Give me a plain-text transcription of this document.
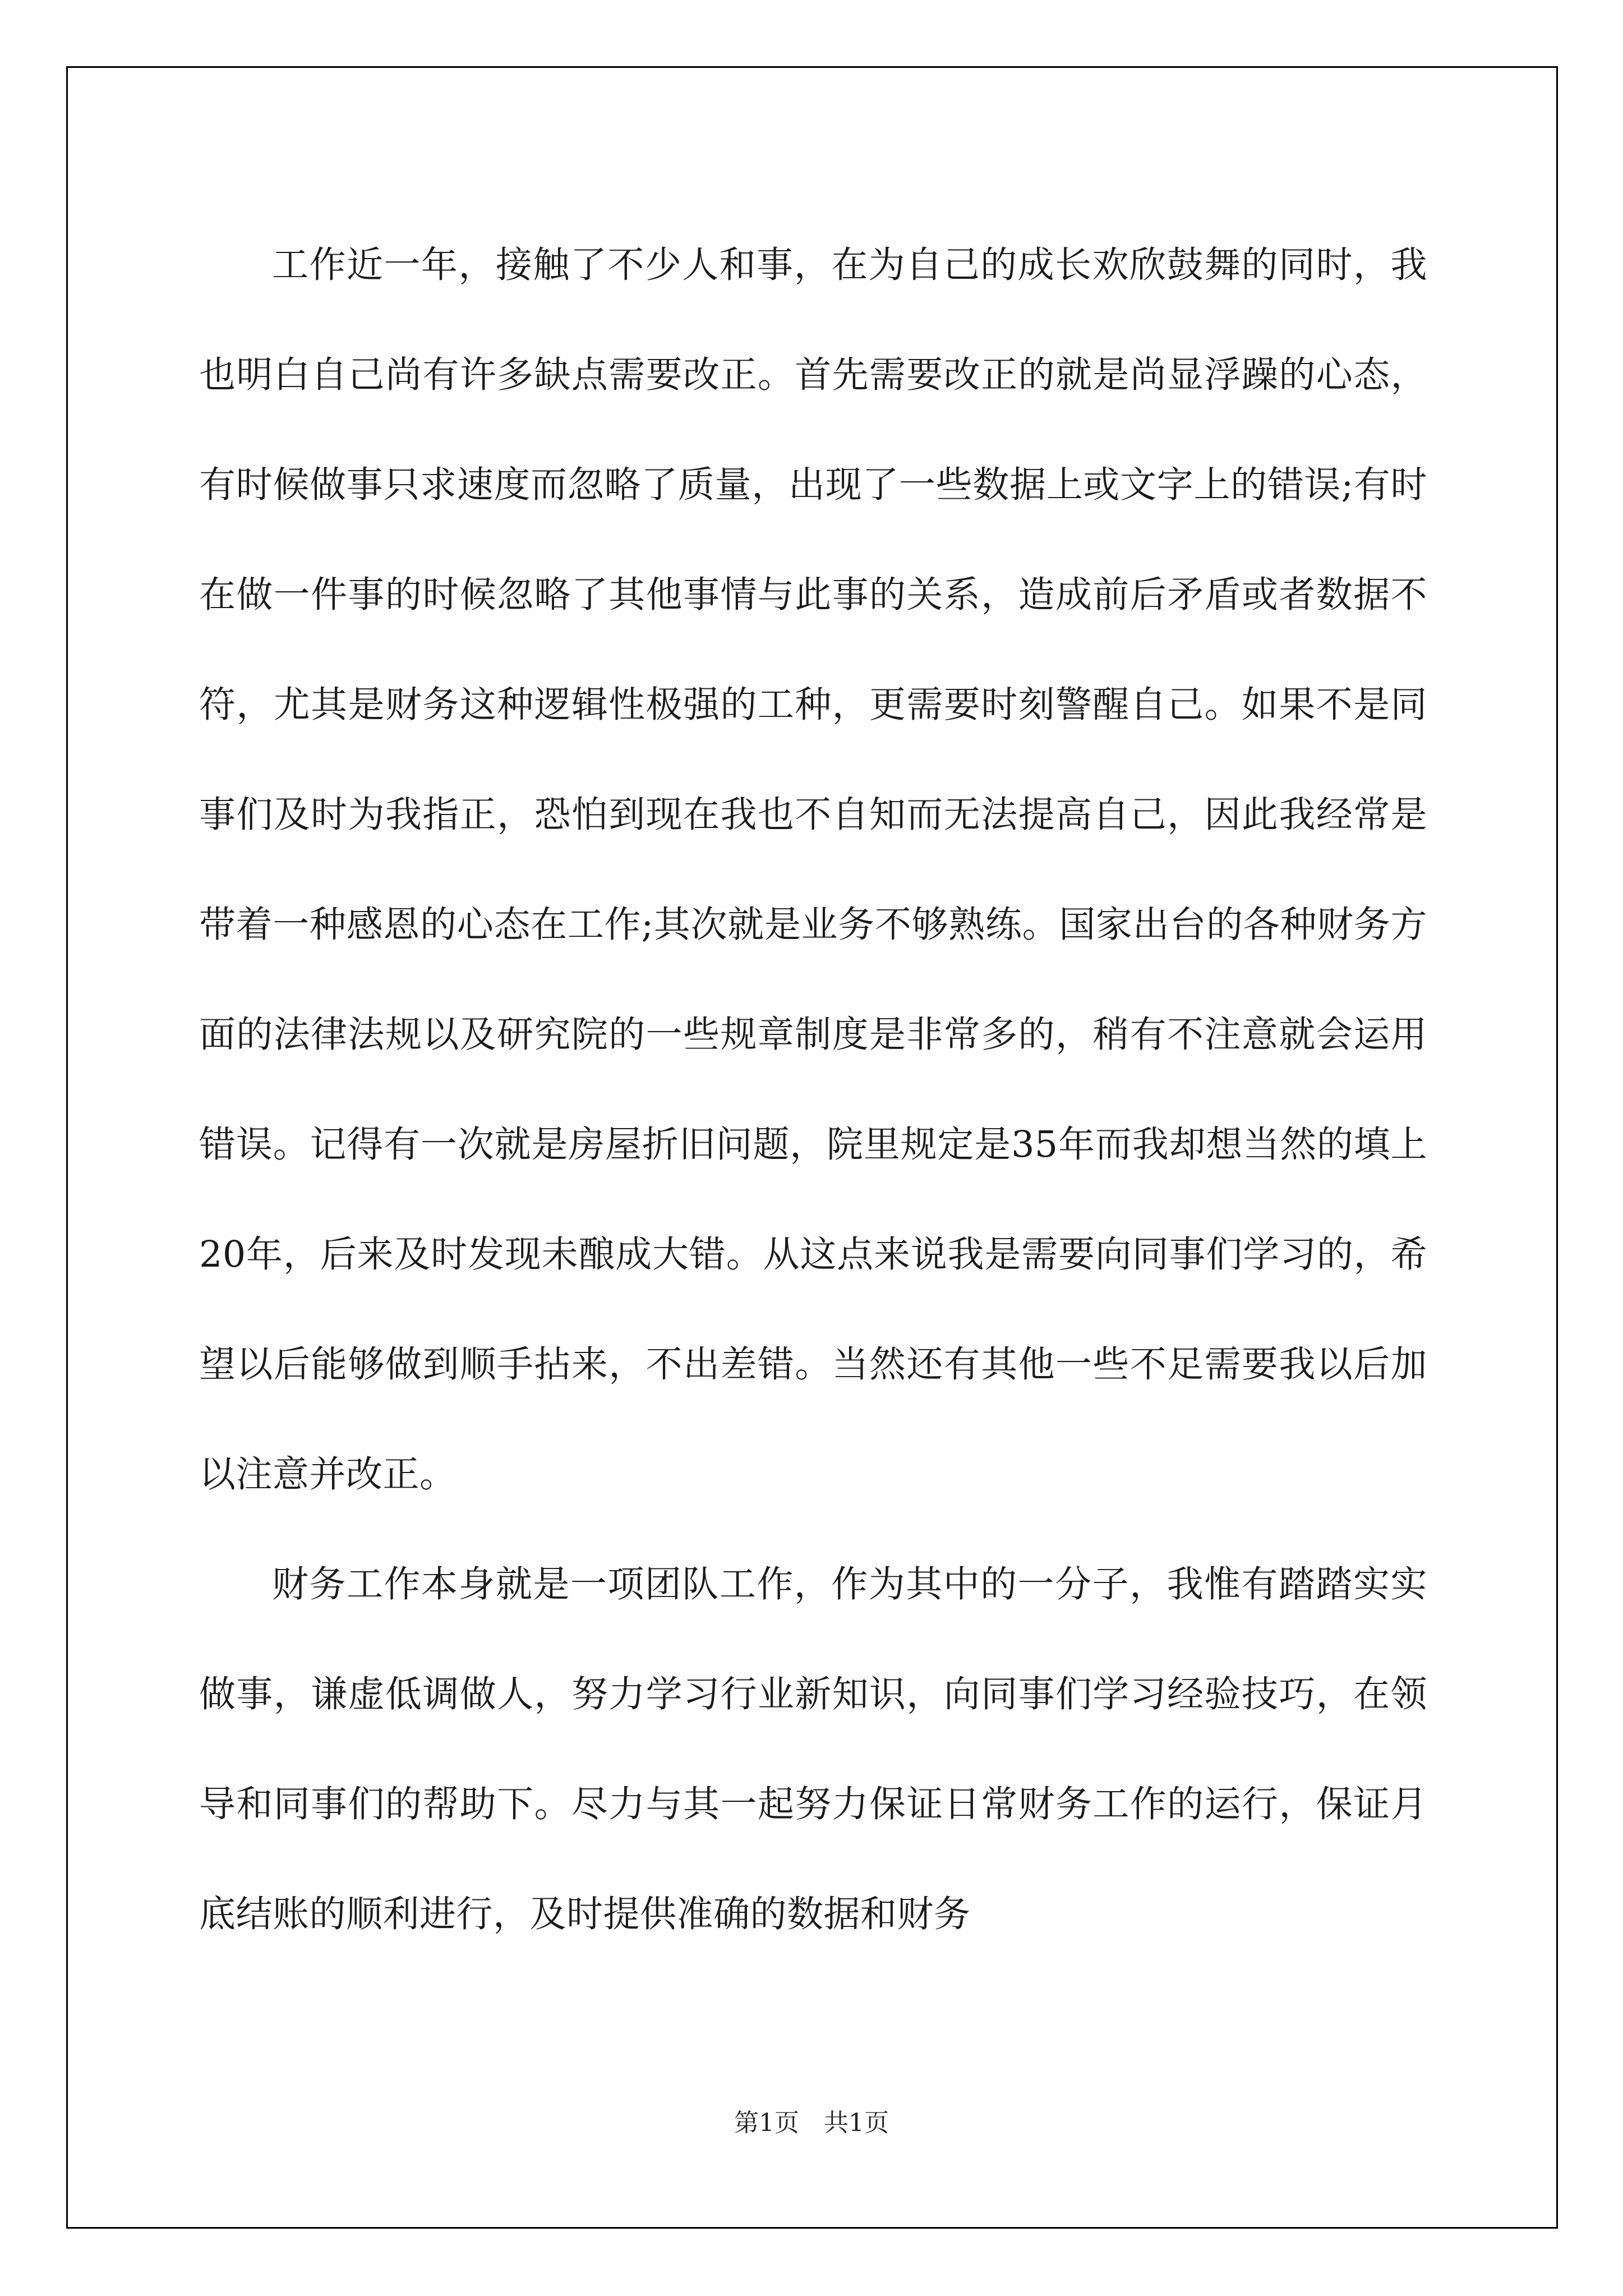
工作近一年，接触了不少人和事，在为自己的成长欢欣鼓舞的同时，我也明白自己尚有许多缺点需要改正。首先需要改正的就是尚显浮躁的心态，有时候做事只求速度而忽略了质量，出现了一些数据上或文字上的错误;有时在做一件事的时候忽略了其他事情与此事的关系，造成前后矛盾或者数据不符，尤其是财务这种逻辑性极强的工种，更需要时刻警醒自己。如果不是同事们及时为我指正，恐怕到现在我也不自知而无法提高自己，因此我经常是带着一种感恩的心态在工作;其次就是业务不够熟练。国家出台的各种财务方面的法律法规以及研究院的一些规章制度是非常多的，稍有不注意就会运用错误。记得有一次就是房屋折旧问题，院里规定是35年而我却想当然的填上20年，后来及时发现未酿成大错。从这点来说我是需要向同事们学习的，希望以后能够做到顺手拈来，不出差错。当然还有其他一些不足需要我以后加以注意并改正。

财务工作本身就是一项团队工作，作为其中的一分子，我惟有踏踏实实做事，谦虚低调做人，努力学习行业新知识，向同事们学习经验技巧，在领导和同事们的帮助下。尽力与其一起努力保证日常财务工作的运行，保证月底结账的顺利进行，及时提供准确的数据和财务

第1页　共1页
